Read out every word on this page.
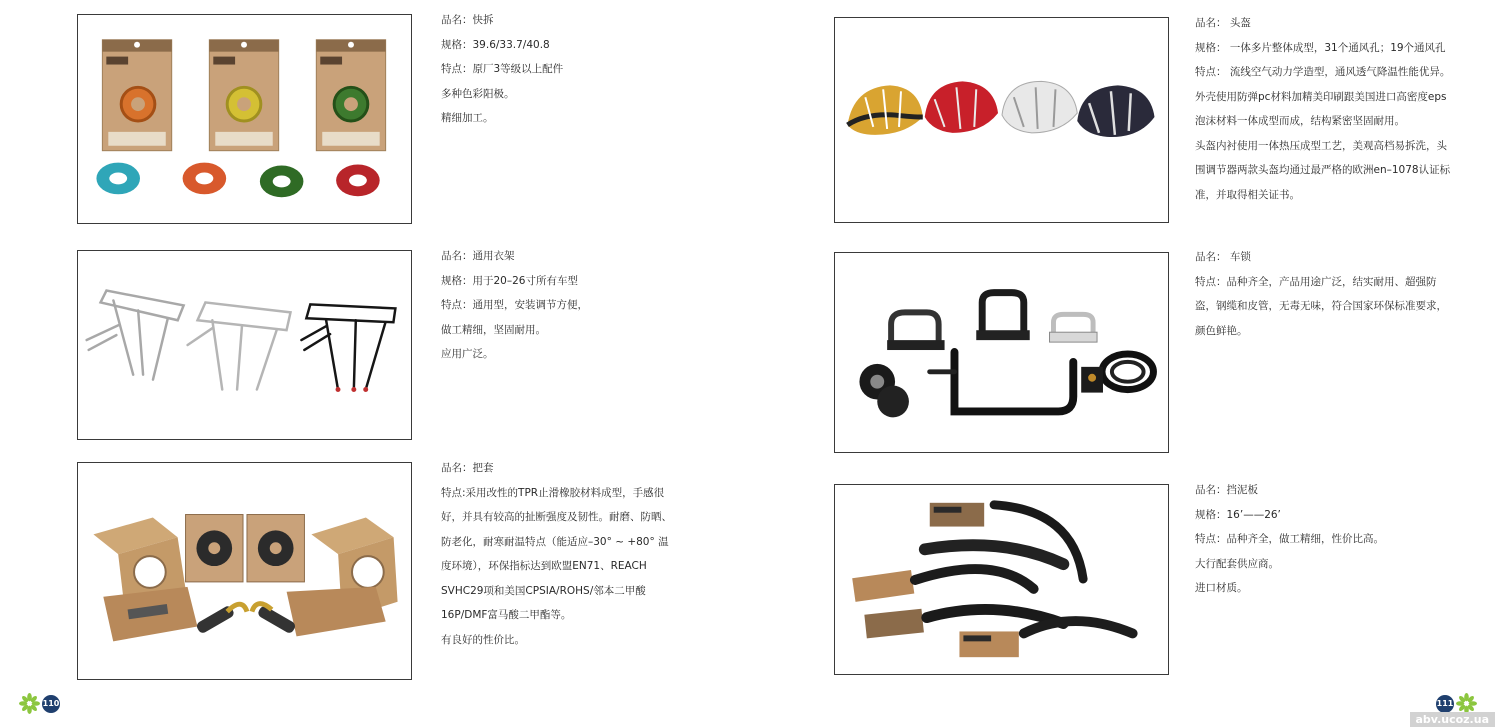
品名：快拆

规格：39.6/33.7/40.8

特点：原厂3等级以上配件

多种色彩阳极。

精细加工。

品名：通用衣架

规格：用于20–26寸所有车型

特点：通用型，安装调节方便，

做工精细，坚固耐用。

应用广泛。

品名：把套

特点:采用改性的TPR止滑橡胶材料成型，手感很

好，并具有较高的扯断强度及韧性。耐磨、防晒、

防老化，耐寒耐温特点（能适应–30° ~ +80° 温

度环境），环保指标达到欧盟EN71、REACH

SVHC29项和美国CPSIA/ROHS/邻本二甲酸

16P/DMF富马酸二甲酯等。

有良好的性价比。

110

品名： 头盔

规格： 一体多片整体成型，31个通风孔；19个通风孔

特点： 流线空气动力学造型，通风透气降温性能优异。

外壳使用防弹pc材料加精美印刷跟美国进口高密度eps

泡沫材料一体成型而成，结构紧密坚固耐用。

头盔内衬使用一体热压成型工艺，美观高档易拆洗，头

围调节器两款头盔均通过最严格的欧洲en–1078认证标

准，并取得相关证书。

品名： 车锁

特点：品种齐全，产品用途广泛，结实耐用、超强防

盗，钢缆和皮管，无毒无味，符合国家环保标准要求，

颜色鲜艳。

品名：挡泥板

规格：16’——26’

特点：品种齐全，做工精细，性价比高。

大行配套供应商。

进口材质。

111
abv.ucoz.ua
